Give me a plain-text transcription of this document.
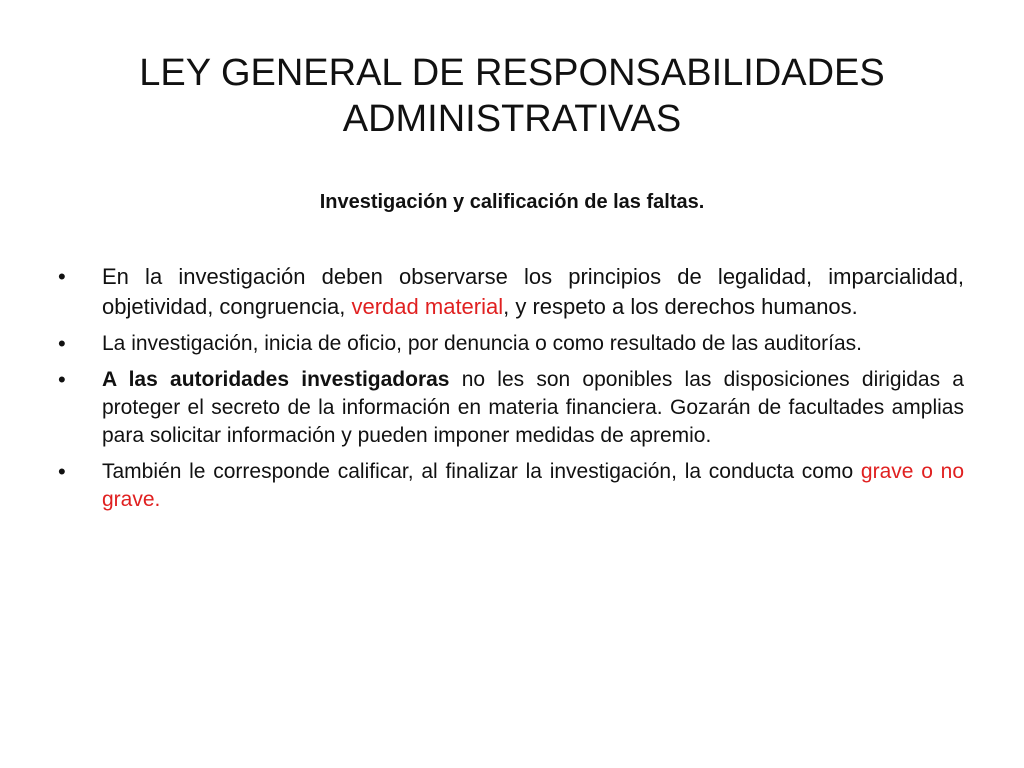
LEY GENERAL DE RESPONSABILIDADES
ADMINISTRATIVAS

Investigación y calificación de las faltas.

•	En la investigación deben observarse los principios de legalidad, imparcialidad, objetividad, congruencia, verdad material, y respeto a los derechos humanos.
•	La investigación, inicia de oficio, por denuncia o como resultado de las auditorías.
•	A las autoridades investigadoras no les son oponibles las disposiciones dirigidas a proteger el secreto de la información en materia financiera. Gozarán de facultades amplias para solicitar información y pueden imponer medidas de apremio.
•	También le corresponde calificar, al finalizar la investigación, la conducta como grave o no grave.
